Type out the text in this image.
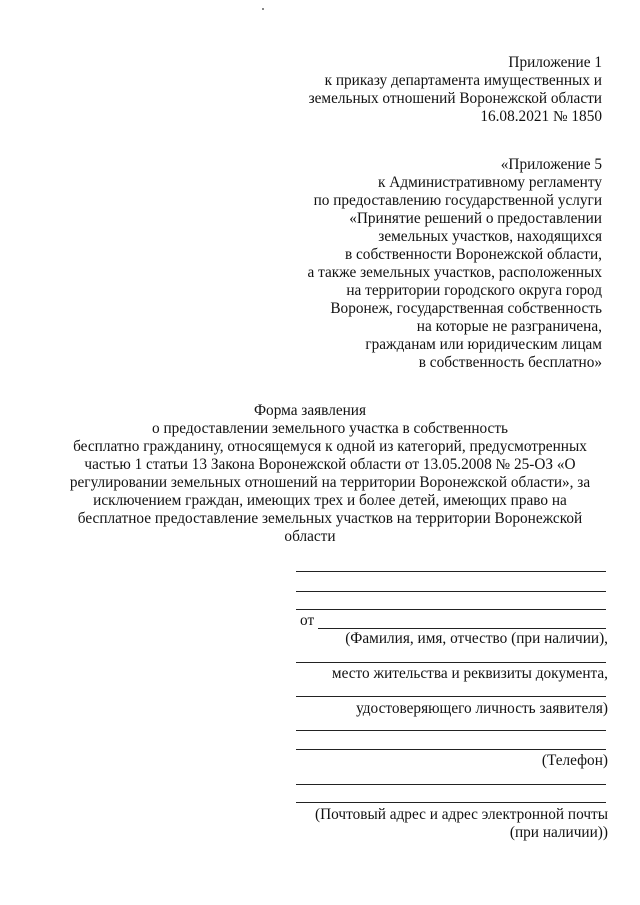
Приложение 1
к приказу департамента имущественных и
земельных отношений Воронежской области
16.08.2021 № 1850
«Приложение 5
к Административному регламенту
по предоставлению государственной услуги
«Принятие решений о предоставлении
земельных участков, находящихся
в собственности Воронежской области,
а также земельных участков, расположенных
на территории городского округа город
Воронеж, государственная собственность
на которые не разграничена,
гражданам или юридическим лицам
в собственность бесплатно»
Форма заявления
о предоставлении земельного участка в собственность
бесплатно гражданину, относящемуся к одной из категорий, предусмотренных
частью 1 статьи 13 Закона Воронежской области от 13.05.2008 № 25-ОЗ «О
регулировании земельных отношений на территории Воронежской области», за
исключением граждан, имеющих трех и более детей, имеющих право на
бесплатное предоставление земельных участков на территории Воронежской
области
от
(Фамилия, имя, отчество (при наличии),
место жительства и реквизиты документа,
удостоверяющего личность заявителя)
(Телефон)
(Почтовый адрес и адрес электронной почты
(при наличии))
